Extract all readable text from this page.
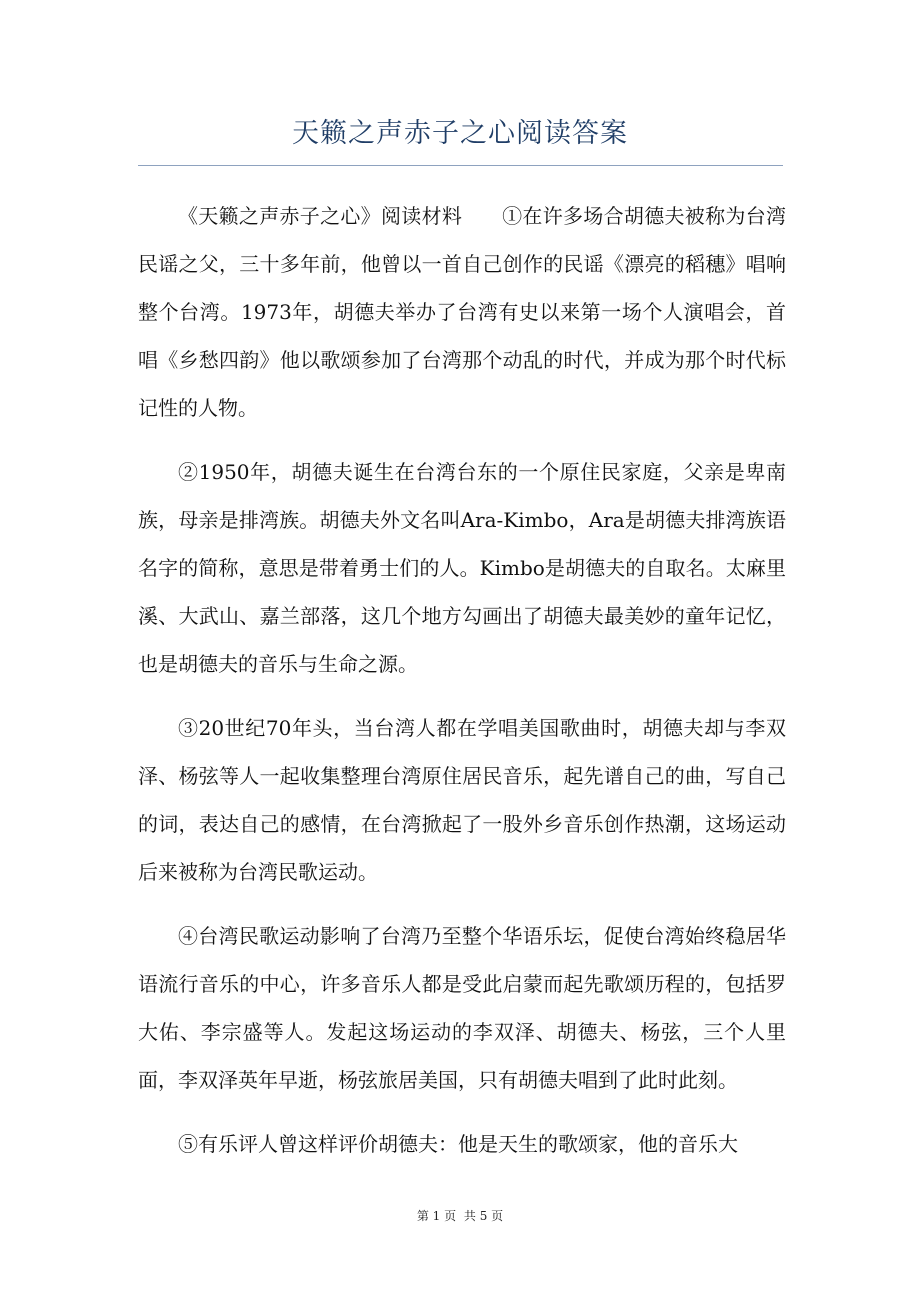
天籁之声赤子之心阅读答案

《天籁之声赤子之心》阅读材料      ①在许多场合胡德夫被称为台湾民谣之父，三十多年前，他曾以一首自己创作的民谣《漂亮的稻穗》唱响整个台湾。1973年，胡德夫举办了台湾有史以来第一场个人演唱会，首唱《乡愁四韵》他以歌颂参加了台湾那个动乱的时代，并成为那个时代标记性的人物。

②1950年，胡德夫诞生在台湾台东的一个原住民家庭，父亲是卑南族，母亲是排湾族。胡德夫外文名叫Ara-Kimbo，Ara是胡德夫排湾族语名字的简称，意思是带着勇士们的人。Kimbo是胡德夫的自取名。太麻里溪、大武山、嘉兰部落，这几个地方勾画出了胡德夫最美妙的童年记忆，也是胡德夫的音乐与生命之源。

③20世纪70年头，当台湾人都在学唱美国歌曲时，胡德夫却与李双泽、杨弦等人一起收集整理台湾原住居民音乐，起先谱自己的曲，写自己的词，表达自己的感情，在台湾掀起了一股外乡音乐创作热潮，这场运动后来被称为台湾民歌运动。

④台湾民歌运动影响了台湾乃至整个华语乐坛，促使台湾始终稳居华语流行音乐的中心，许多音乐人都是受此启蒙而起先歌颂历程的，包括罗大佑、李宗盛等人。发起这场运动的李双泽、胡德夫、杨弦，三个人里面，李双泽英年早逝，杨弦旅居美国，只有胡德夫唱到了此时此刻。

⑤有乐评人曾这样评价胡德夫：他是天生的歌颂家，他的音乐大

第 1 页 共 5 页
